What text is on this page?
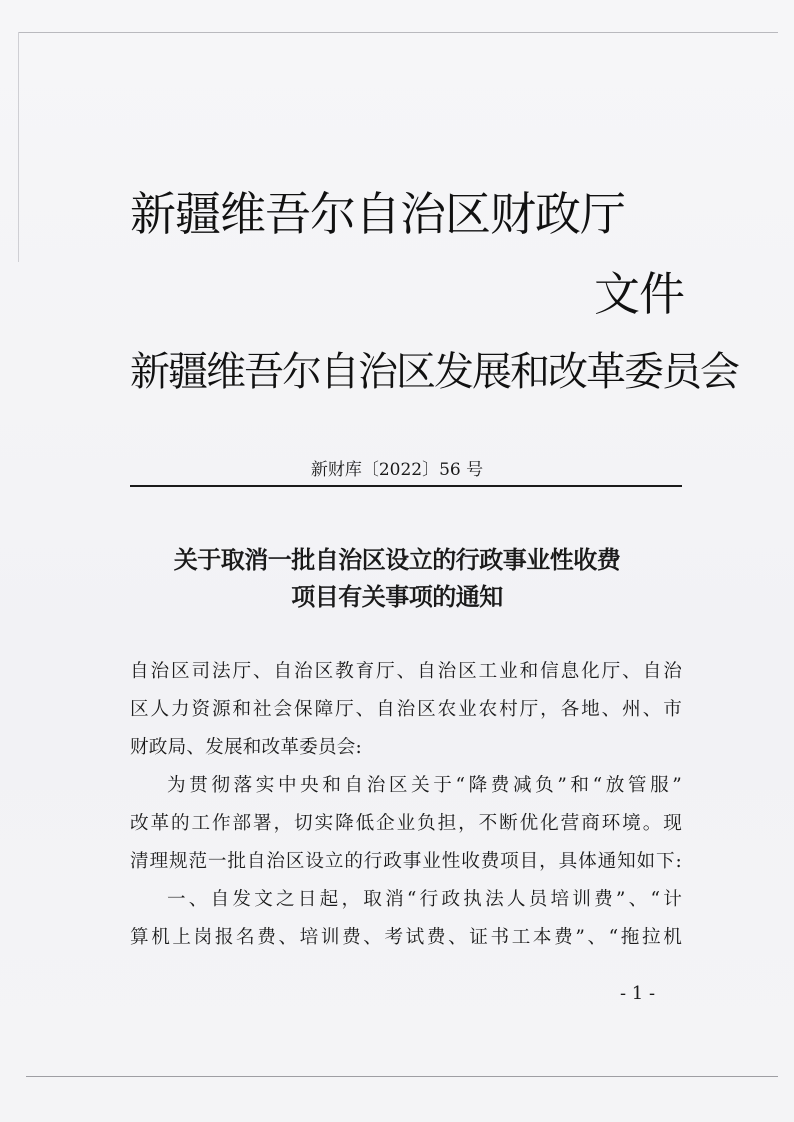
新疆维吾尔自治区财政厅
文件
新疆维吾尔自治区发展和改革委员会
新财库〔2022〕56 号
关于取消一批自治区设立的行政事业性收费
项目有关事项的通知
自治区司法厅、自治区教育厅、自治区工业和信息化厅、自治
区人力资源和社会保障厅、自治区农业农村厅，各地、州、市
财政局、发展和改革委员会:
为贯彻落实中央和自治区关于“降费减负”和“放管服”
改革的工作部署，切实降低企业负担，不断优化营商环境。现
清理规范一批自治区设立的行政事业性收费项目，具体通知如下:
一、自发文之日起，取消“行政执法人员培训费”、“计
算机上岗报名费、培训费、考试费、证书工本费”、“拖拉机
- 1 -
